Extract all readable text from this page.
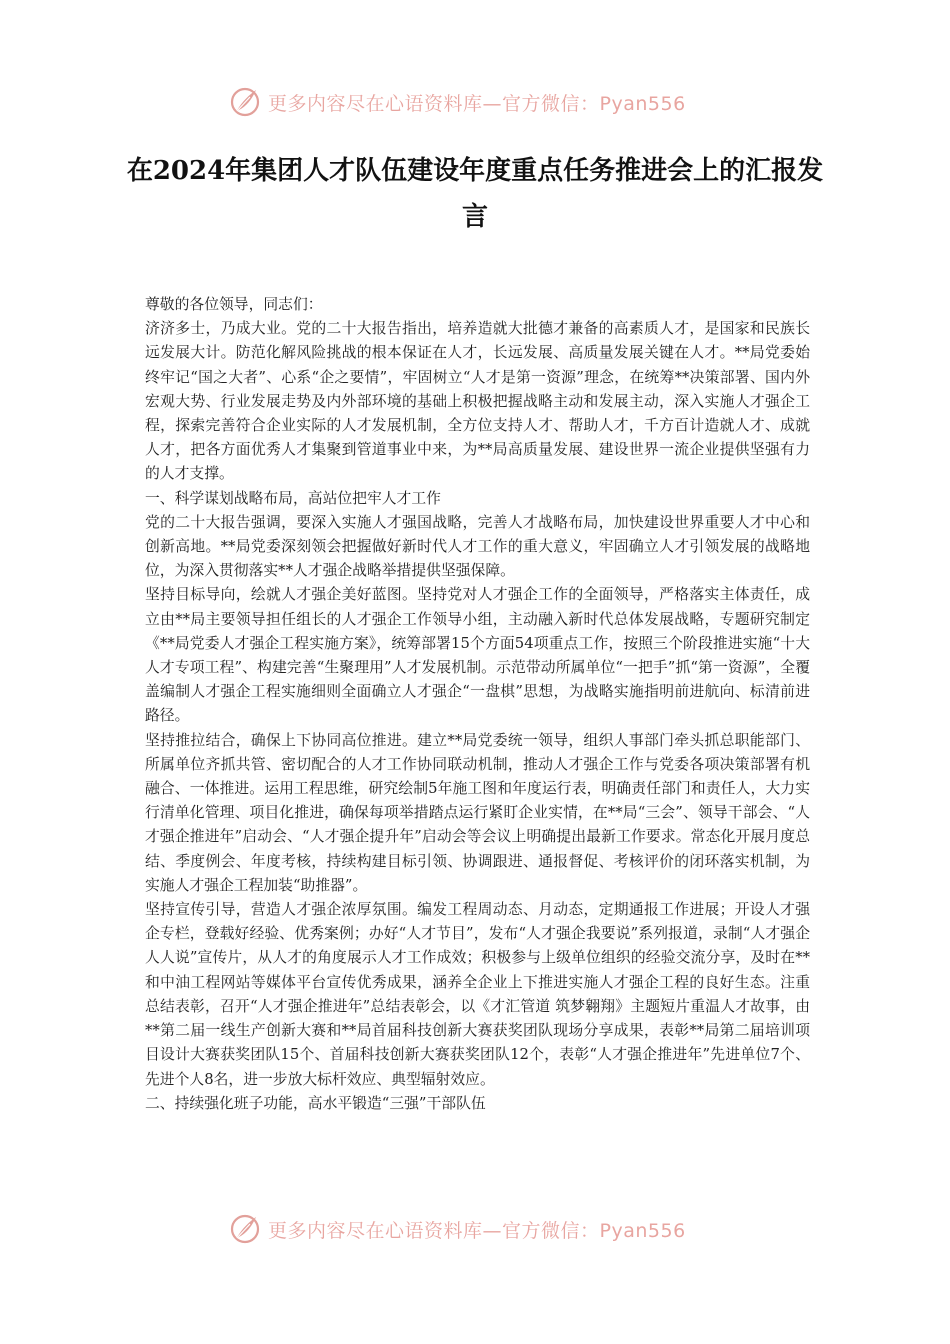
更多内容尽在心语资料库—官方微信：Pyan556
在2024年集团人才队伍建设年度重点任务推进会上的汇报发言

尊敬的各位领导，同志们：

济济多士，乃成大业。党的二十大报告指出，培养造就大批德才兼备的高素质人才，是国家和民族长远发展大计。防范化解风险挑战的根本保证在人才，长远发展、高质量发展关键在人才。**局党委始终牢记“国之大者”、心系“企之要情”，牢固树立“人才是第一资源”理念，在统筹**决策部署、国内外宏观大势、行业发展走势及内外部环境的基础上积极把握战略主动和发展主动，深入实施人才强企工程，探索完善符合企业实际的人才发展机制，全方位支持人才、帮助人才，千方百计造就人才、成就人才，把各方面优秀人才集聚到管道事业中来，为**局高质量发展、建设世界一流企业提供坚强有力的人才支撑。

一、科学谋划战略布局，高站位把牢人才工作

党的二十大报告强调，要深入实施人才强国战略，完善人才战略布局，加快建设世界重要人才中心和创新高地。**局党委深刻领会把握做好新时代人才工作的重大意义，牢固确立人才引领发展的战略地位，为深入贯彻落实**人才强企战略举措提供坚强保障。

坚持目标导向，绘就人才强企美好蓝图。坚持党对人才强企工作的全面领导，严格落实主体责任，成立由**局主要领导担任组长的人才强企工作领导小组，主动融入新时代总体发展战略，专题研究制定《**局党委人才强企工程实施方案》，统筹部署15个方面54项重点工作，按照三个阶段推进实施“十大人才专项工程”、构建完善“生聚理用”人才发展机制。示范带动所属单位“一把手”抓“第一资源”，全覆盖编制人才强企工程实施细则全面确立人才强企“一盘棋”思想，为战略实施指明前进航向、标清前进路径。

坚持推拉结合，确保上下协同高位推进。建立**局党委统一领导，组织人事部门牵头抓总职能部门、所属单位齐抓共管、密切配合的人才工作协同联动机制，推动人才强企工作与党委各项决策部署有机融合、一体推进。运用工程思维，研究绘制5年施工图和年度运行表，明确责任部门和责任人，大力实行清单化管理、项目化推进，确保每项举措踏点运行紧盯企业实情，在**局“三会”、领导干部会、“人才强企推进年”启动会、“人才强企提升年”启动会等会议上明确提出最新工作要求。常态化开展月度总结、季度例会、年度考核，持续构建目标引领、协调跟进、通报督促、考核评价的闭环落实机制，为实施人才强企工程加装“助推器”。

坚持宣传引导，营造人才强企浓厚氛围。编发工程周动态、月动态，定期通报工作进展；开设人才强企专栏，登载好经验、优秀案例；办好“人才节目”，发布“人才强企我要说”系列报道，录制“人才强企人人说”宣传片，从人才的角度展示人才工作成效；积极参与上级单位组织的经验交流分享，及时在**和中油工程网站等媒体平台宣传优秀成果，涵养全企业上下推进实施人才强企工程的良好生态。注重总结表彰，召开“人才强企推进年”总结表彰会，以《才汇管道 筑梦翱翔》主题短片重温人才故事，由**第二届一线生产创新大赛和**局首届科技创新大赛获奖团队现场分享成果，表彰**局第二届培训项目设计大赛获奖团队15个、首届科技创新大赛获奖团队12个，表彰“人才强企推进年”先进单位7个、先进个人8名，进一步放大标杆效应、典型辐射效应。

二、持续强化班子功能，高水平锻造“三强”干部队伍

更多内容尽在心语资料库—官方微信：Pyan556
